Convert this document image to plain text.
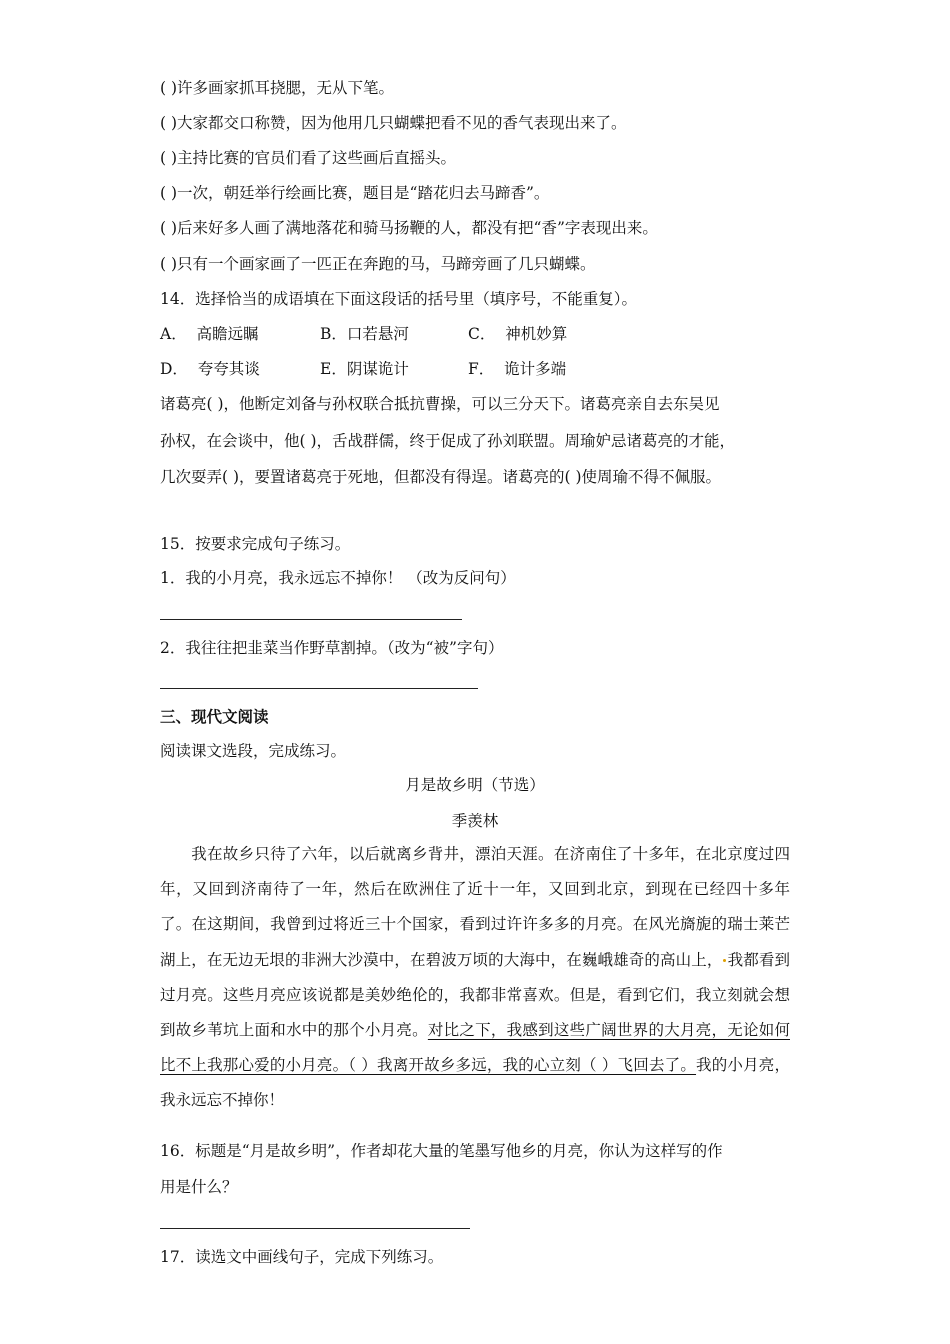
( )许多画家抓耳挠腮，无从下笔。
( )大家都交口称赞，因为他用几只蝴蝶把看不见的香气表现出来了。
( )主持比赛的官员们看了这些画后直摇头。
( )一次，朝廷举行绘画比赛，题目是“踏花归去马蹄香”。
( )后来好多人画了满地落花和骑马扬鞭的人，都没有把“香”字表现出来。
( )只有一个画家画了一匹正在奔跑的马，马蹄旁画了几只蝴蝶。
14．选择恰当的成语填在下面这段话的括号里（填序号，不能重复）。
A． 高瞻远瞩	B．口若悬河	C． 神机妙算
D． 夸夸其谈	E．阴谋诡计	F． 诡计多端
诸葛亮( )，他断定刘备与孙权联合抵抗曹操，可以三分天下。诸葛亮亲自去东吴见
孙权，在会谈中，他( )，舌战群儒，终于促成了孙刘联盟。周瑜妒忌诸葛亮的才能，
几次耍弄( )，要置诸葛亮于死地，但都没有得逞。诸葛亮的( )使周瑜不得不佩服。
15．按要求完成句子练习。
1．我的小月亮，我永远忘不掉你！ （改为反问句）
2．我往往把韭菜当作野草割掉。（改为“被”字句）
三、现代文阅读
阅读课文选段，完成练习。
月是故乡明（节选）
季羡林
我在故乡只待了六年，以后就离乡背井，漂泊天涯。在济南住了十多年，在北京度过四年，又回到济南待了一年，然后在欧洲住了近十一年，又回到北京，到现在已经四十多年了。在这期间，我曾到过将近三十个国家，看到过许许多多的月亮。在风光旖旎的瑞士莱芒湖上，在无边无垠的非洲大沙漠中，在碧波万顷的大海中，在巍峨雄奇的高山上， 我都看到过月亮。这些月亮应该说都是美妙绝伦的，我都非常喜欢。但是，看到它们，我立刻就会想到故乡苇坑上面和水中的那个小月亮。对比之下，我感到这些广阔世界的大月亮，无论如何比不上我那心爱的小月亮。（ ）我离开故乡多远，我的心立刻（ ）飞回去了。我的小月亮，我永远忘不掉你！
16．标题是“月是故乡明”，作者却花大量的笔墨写他乡的月亮，你认为这样写的作
用是什么？
17．读选文中画线句子，完成下列练习。
